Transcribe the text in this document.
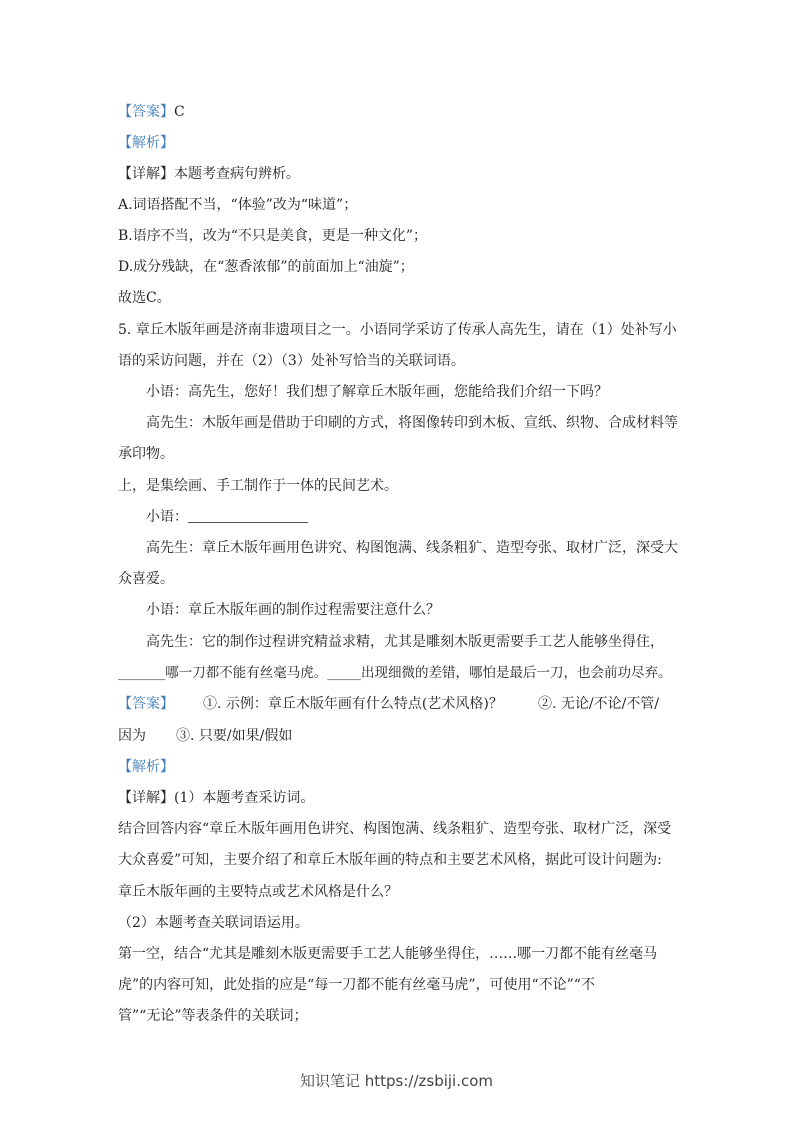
【答案】C
【解析】
【详解】本题考查病句辨析。
A.词语搭配不当，“体验”改为“味道”；
B.语序不当，改为“不只是美食，更是一种文化”；
D.成分残缺，在“葱香浓郁”的前面加上“油旋”；
故选C。
5. 章丘木版年画是济南非遗项目之一。小语同学采访了传承人高先生，请在（1）处补写小
语的采访问题，并在（2）（3）处补写恰当的关联词语。
小语：高先生，您好！我们想了解章丘木版年画，您能给我们介绍一下吗？
高先生：木版年画是借助于印刷的方式，将图像转印到木板、宣纸、织物、合成材料等
承印物。
上，是集绘画、手工制作于一体的民间艺术。
小语：
高先生：章丘木版年画用色讲究、构图饱满、线条粗犷、造型夸张、取材广泛，深受大
众喜爱。
小语：章丘木版年画的制作过程需要注意什么？
高先生：它的制作过程讲究精益求精，尤其是雕刻木版更需要手工艺人能够坐得住，
_______哪一刀都不能有丝毫马虎。_____出现细微的差错，哪怕是最后一刀，也会前功尽弃。
【答案】 ①. 示例：章丘木版年画有什么特点(艺术风格)？	②. 无论/不论/不管/
因为 ③. 只要/如果/假如
【解析】
【详解】(1）本题考查采访词。
结合回答内容“章丘木版年画用色讲究、构图饱满、线条粗犷、造型夸张、取材广泛，深受
大众喜爱”可知，主要介绍了和章丘木版年画的特点和主要艺术风格，据此可设计问题为:
章丘木版年画的主要特点或艺术风格是什么？
（2）本题考查关联词语运用。
第一空，结合“尤其是雕刻木版更需要手工艺人能够坐得住，……哪一刀都不能有丝毫马
虎”的内容可知，此处指的应是“每一刀都不能有丝毫马虎”，可使用“不论”“不
管”“无论”等表条件的关联词；
知识笔记 https://zsbiji.com
